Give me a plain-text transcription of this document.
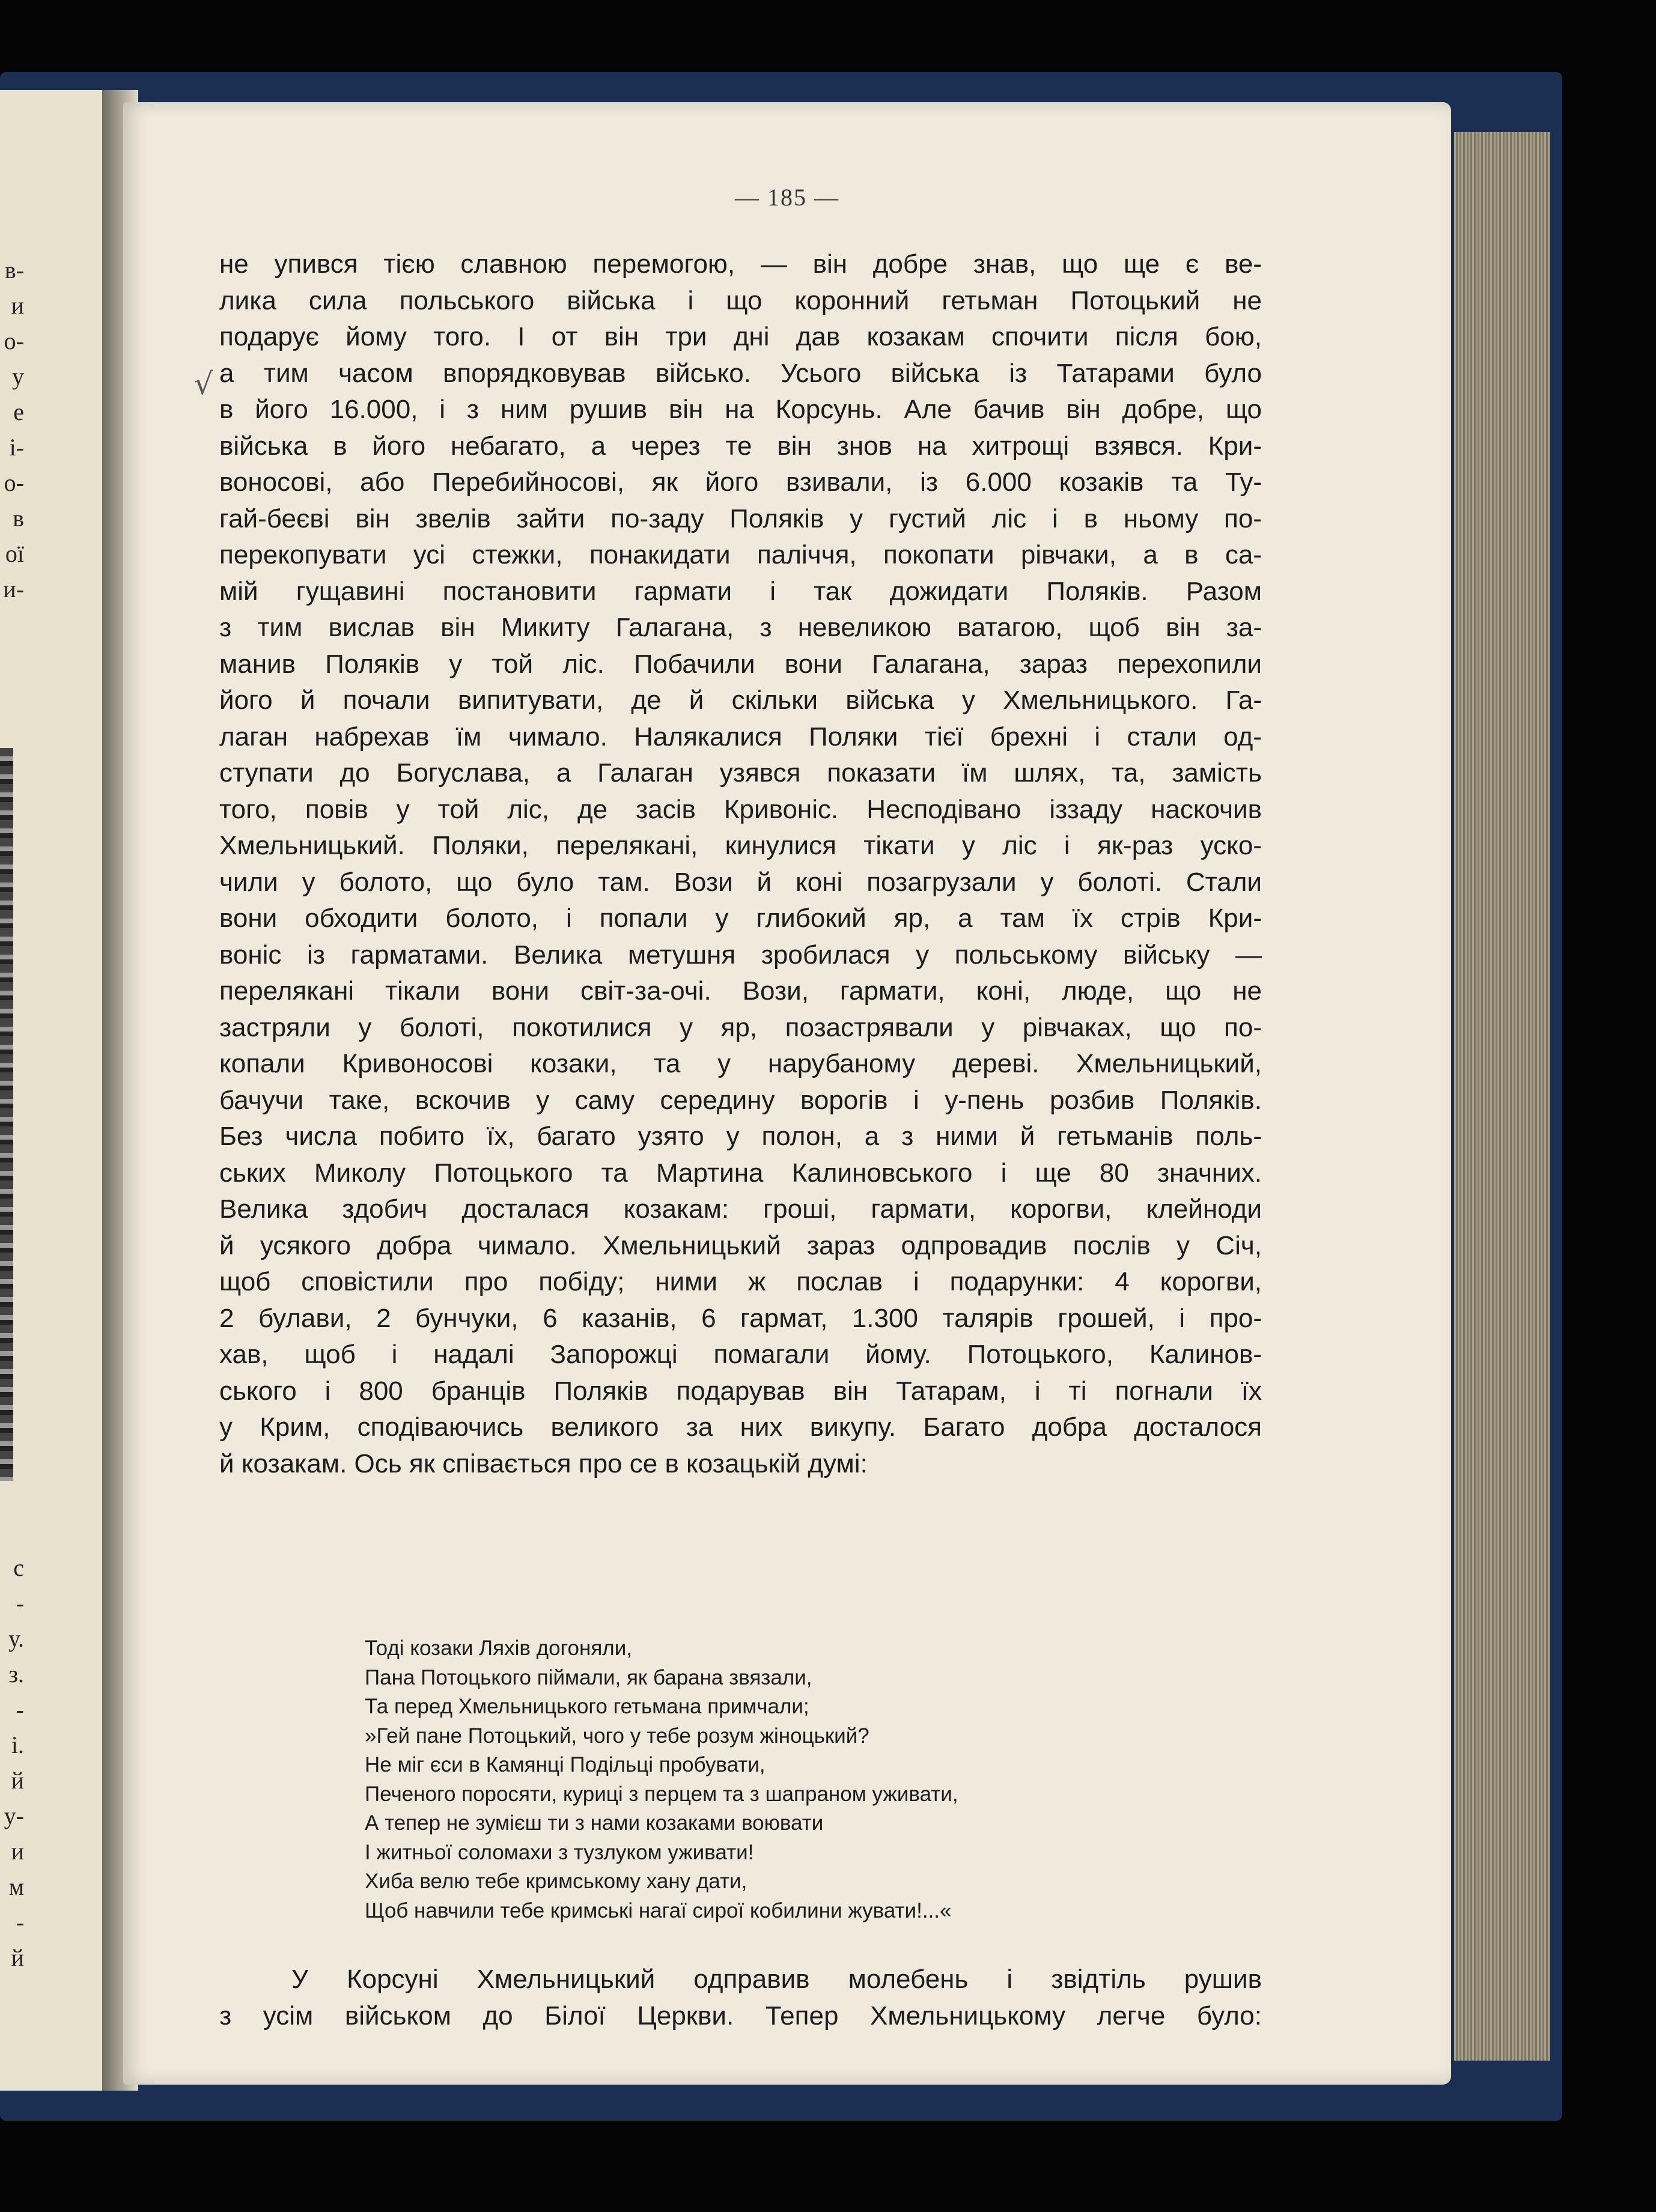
в-
и
о-
у
е
і-
о-
в
ої
и-
с
-
у.
з.
-
і.
й
у-
и
м
-
й
— 185 —
не упився тією славною перемогою, — він добре знав, що ще є ве-
лика сила польського війська і що коронний гетьман Потоцький не
подарує йому того. І от він три дні дав козакам спочити після бою,
а тим часом впорядковував військо. Усього війська із Татарами було
в його 16.000, і з ним рушив він на Корсунь. Але бачив він добре, що
війська в його небагато, а через те він знов на хитрощі взявся. Кри-
воносові, або Перебийносові, як його взивали, із 6.000 козаків та Ту-
гай-беєві він звелів зайти по-заду Поляків у густий ліс і в ньому по-
перекопувати усі стежки, понакидати паліччя, покопати рівчаки, а в са-
мій гущавині постановити гармати і так дожидати Поляків. Разом
з тим вислав він Микиту Галагана, з невеликою ватагою, щоб він за-
манив Поляків у той ліс. Побачили вони Галагана, зараз перехопили
його й почали випитувати, де й скільки війська у Хмельницького. Га-
лаган набрехав їм чимало. Налякалися Поляки тієї брехні і стали од-
ступати до Богуслава, а Галаган узявся показати їм шлях, та, замість
того, повів у той ліс, де засів Кривоніс. Несподівано іззаду наскочив
Хмельницький. Поляки, перелякані, кинулися тікати у ліс і як-раз уско-
чили у болото, що було там. Вози й коні позагрузали у болоті. Стали
вони обходити болото, і попали у глибокий яр, а там їх стрів Кри-
воніс із гарматами. Велика метушня зробилася у польському війську —
перелякані тікали вони світ-за-очі. Вози, гармати, коні, люде, що не
застряли у болоті, покотилися у яр, позастрявали у рівчаках, що по-
копали Кривоносові козаки, та у нарубаному дереві. Хмельницький,
бачучи таке, вскочив у саму середину ворогів і у-пень розбив Поляків.
Без числа побито їх, багато узято у полон, а з ними й гетьманів поль-
ських Миколу Потоцького та Мартина Калиновського і ще 80 значних.
Велика здобич досталася козакам: гроші, гармати, корогви, клейноди
й усякого добра чимало. Хмельницький зараз одпровадив послів у Січ,
щоб сповістили про побіду; ними ж послав і подарунки: 4 корогви,
2 булави, 2 бунчуки, 6 казанів, 6 гармат, 1.300 талярів грошей, і про-
хав, щоб і надалі Запорожці помагали йому. Потоцького, Калинов-
ського і 800 бранців Поляків подарував він Татарам, і ті погнали їх
у Крим, сподіваючись великого за них викупу. Багато добра досталося
й козакам. Ось як співається про се в козацькій думі:
Тоді козаки Ляхів догоняли,
Пана Потоцького піймали, як барана звязали,
Та перед Хмельницького гетьмана примчали;
»Гей пане Потоцький, чого у тебе розум жіноцький?
Не міг єси в Камянці Подільці пробувати,
Печеного поросяти, куриці з перцем та з шапраном уживати,
А тепер не зумієш ти з нами козаками воювати
І житньої соломахи з тузлуком уживати!
Хиба велю тебе кримському хану дати,
Щоб навчили тебе кримські нагаї сирої кобилини жувати!...«
У Корсуні Хмельницький одправив молебень і звідтіль рушив
з усім військом до Білої Церкви. Тепер Хмельницькому легче було:
√
